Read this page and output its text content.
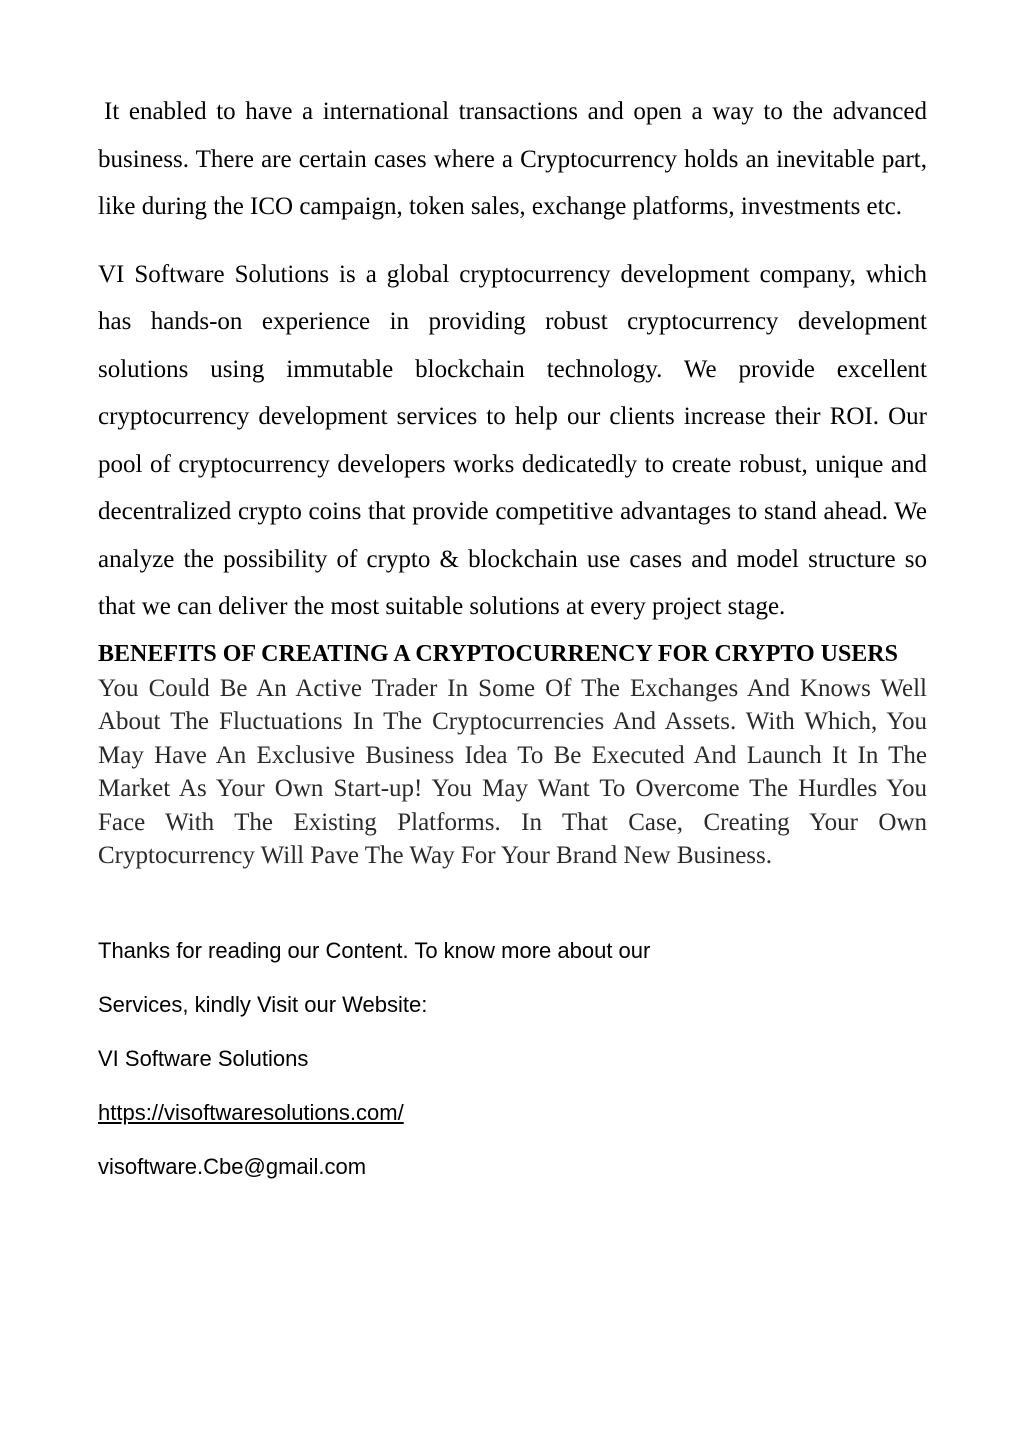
It enabled to have a international transactions and open a way to the advanced business. There are certain cases where a Cryptocurrency holds an inevitable part, like during the ICO campaign, token sales, exchange platforms, investments etc.

VI Software Solutions is a global cryptocurrency development company, which has hands-on experience in providing robust cryptocurrency development solutions using immutable blockchain technology. We provide excellent cryptocurrency development services to help our clients increase their ROI. Our pool of cryptocurrency developers works dedicatedly to create robust, unique and decentralized crypto coins that provide competitive advantages to stand ahead. We analyze the possibility of crypto & blockchain use cases and model structure so that we can deliver the most suitable solutions at every project stage.

BENEFITS OF CREATING A CRYPTOCURRENCY FOR CRYPTO USERS

You Could Be An Active Trader In Some Of The Exchanges And Knows Well About The Fluctuations In The Cryptocurrencies And Assets. With Which, You May Have An Exclusive Business Idea To Be Executed And Launch It In The Market As Your Own Start-up! You May Want To Overcome The Hurdles You Face With The Existing Platforms. In That Case, Creating Your Own Cryptocurrency Will Pave The Way For Your Brand New Business.

Thanks for reading our Content. To know more about our

Services, kindly Visit our Website:

VI Software Solutions

https://visoftwaresolutions.com/

visoftware.Cbe@gmail.com
